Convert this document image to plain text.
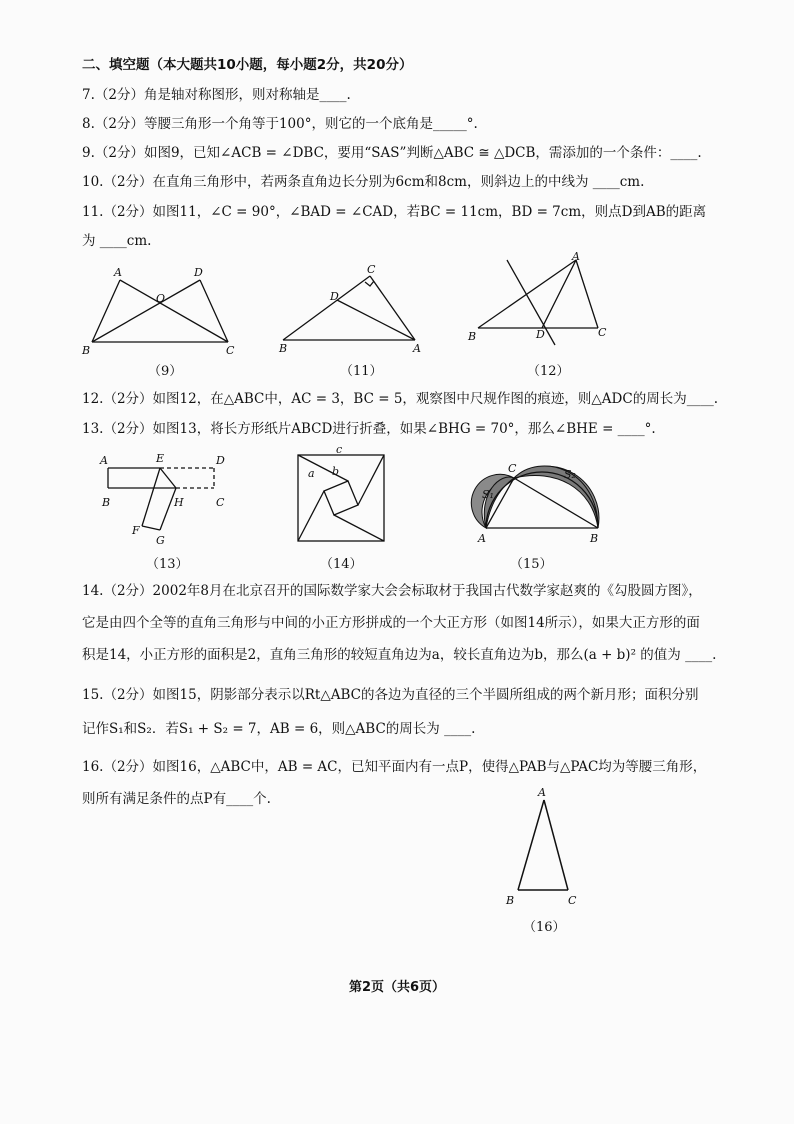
二、填空题（本大题共10小题，每小题2分，共20分）
7.（2分）角是轴对称图形，则对称轴是____.
8.（2分）等腰三角形一个角等于100°，则它的一个底角是_____°.
9.（2分）如图9，已知∠ACB = ∠DBC，要用“SAS”判断△ABC ≅ △DCB，需添加的一个条件：____.
10.（2分）在直角三角形中，若两条直角边长分别为6cm和8cm，则斜边上的中线为 ____cm.
11.（2分）如图11，∠C = 90°，∠BAD = ∠CAD，若BC = 11cm，BD = 7cm，则点D到AB的距离
为 ____cm.
A	D
O
B	C
（9）
C
D
B	A
（11）
A
B	D	C
（12）
12.（2分）如图12，在△ABC中，AC = 3，BC = 5，观察图中尺规作图的痕迹，则△ADC的周长为____.
13.（2分）如图13，将长方形纸片ABCD进行折叠，如果∠BHG = 70°，那么∠BHE = ____°.
A	E	D
B	H	C
F
G
（13）
c
a b
（14）
C
S₁
S₂
A	B
（15）
14.（2分）2002年8月在北京召开的国际数学家大会会标取材于我国古代数学家赵爽的《勾股圆方图》，
它是由四个全等的直角三角形与中间的小正方形拼成的一个大正方形（如图14所示），如果大正方形的面
积是14，小正方形的面积是2，直角三角形的较短直角边为a，较长直角边为b，那么(a + b)² 的值为 ____.
15.（2分）如图15，阴影部分表示以Rt△ABC的各边为直径的三个半圆所组成的两个新月形；面积分别
记作S₁和S₂．若S₁ + S₂ = 7，AB = 6，则△ABC的周长为 ____.
16.（2分）如图16，△ABC中，AB = AC，已知平面内有一点P，使得△PAB与△PAC均为等腰三角形，
则所有满足条件的点P有____个.	A
B	C
（16）
第2页（共6页）
